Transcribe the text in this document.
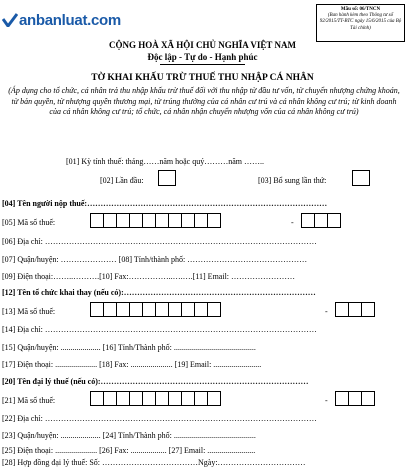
anbanluat.com
Mẫu số: 06/TNCN
(Ban hành kèm theo Thông tư số 92/2015/TT-BTC ngày 15/6/2015 của Bộ Tài chính)
CỘNG HOÀ XÃ HỘI CHỦ NGHĨA VIỆT NAM
Độc lập - Tự do - Hạnh phúc
TỜ KHAI KHẤU TRỪ THUẾ THU NHẬP CÁ NHÂN
(Áp dụng cho tổ chức, cá nhân trả thu nhập khấu trừ thuế đối với thu nhập từ đầu tư vốn, từ chuyển nhượng chứng khoán, từ bản quyền, từ nhượng quyền thương mại, từ trúng thưởng của cá nhân cư trú và cá nhân không cư trú; từ kinh doanh của cá nhân không cư trú; tổ chức, cá nhân nhận chuyển nhượng vốn của cá nhân không cư trú)
[01] Kỳ tính thuế: tháng……năm hoặc quý………năm ……..
[02] Lần đầu:	[03] Bổ sung lần thứ:
[04] Tên người nộp thuế:………………………………………………………………………………
[05] Mã số thuế:	-
[06] Địa chỉ: …………………………………………………………………………………………
[07] Quận/huyện: ………………… [08] Tỉnh/thành phố: ………………………………………
[09] Điện thoại:……..……….[10] Fax:……………..….….[11] Email: ……………………
[12] Tên tổ chức khai thay (nếu có):………………………………………………………………
[13] Mã số thuế:	-
[14] Địa chỉ: …………………………………………………………………………………………
[15] Quận/huyện: .................... [16] Tỉnh/Thành phố: .........................................
[17] Điện thoại: ..................... [18] Fax: ..................... [19] Email: ........................
[20] Tên đại lý thuế (nếu có):……………………………………………………………………
[21] Mã số thuế:	-
[22] Địa chỉ: …………………………………………………………………………………………
[23] Quận/huyện: .................... [24] Tỉnh/Thành phố: .........................................
[25] Điện thoại: ..................... [26] Fax: .................. [27] Email: ........................
[28] Hợp đồng đại lý thuế: Số: ………………………………Ngày:……………………………
